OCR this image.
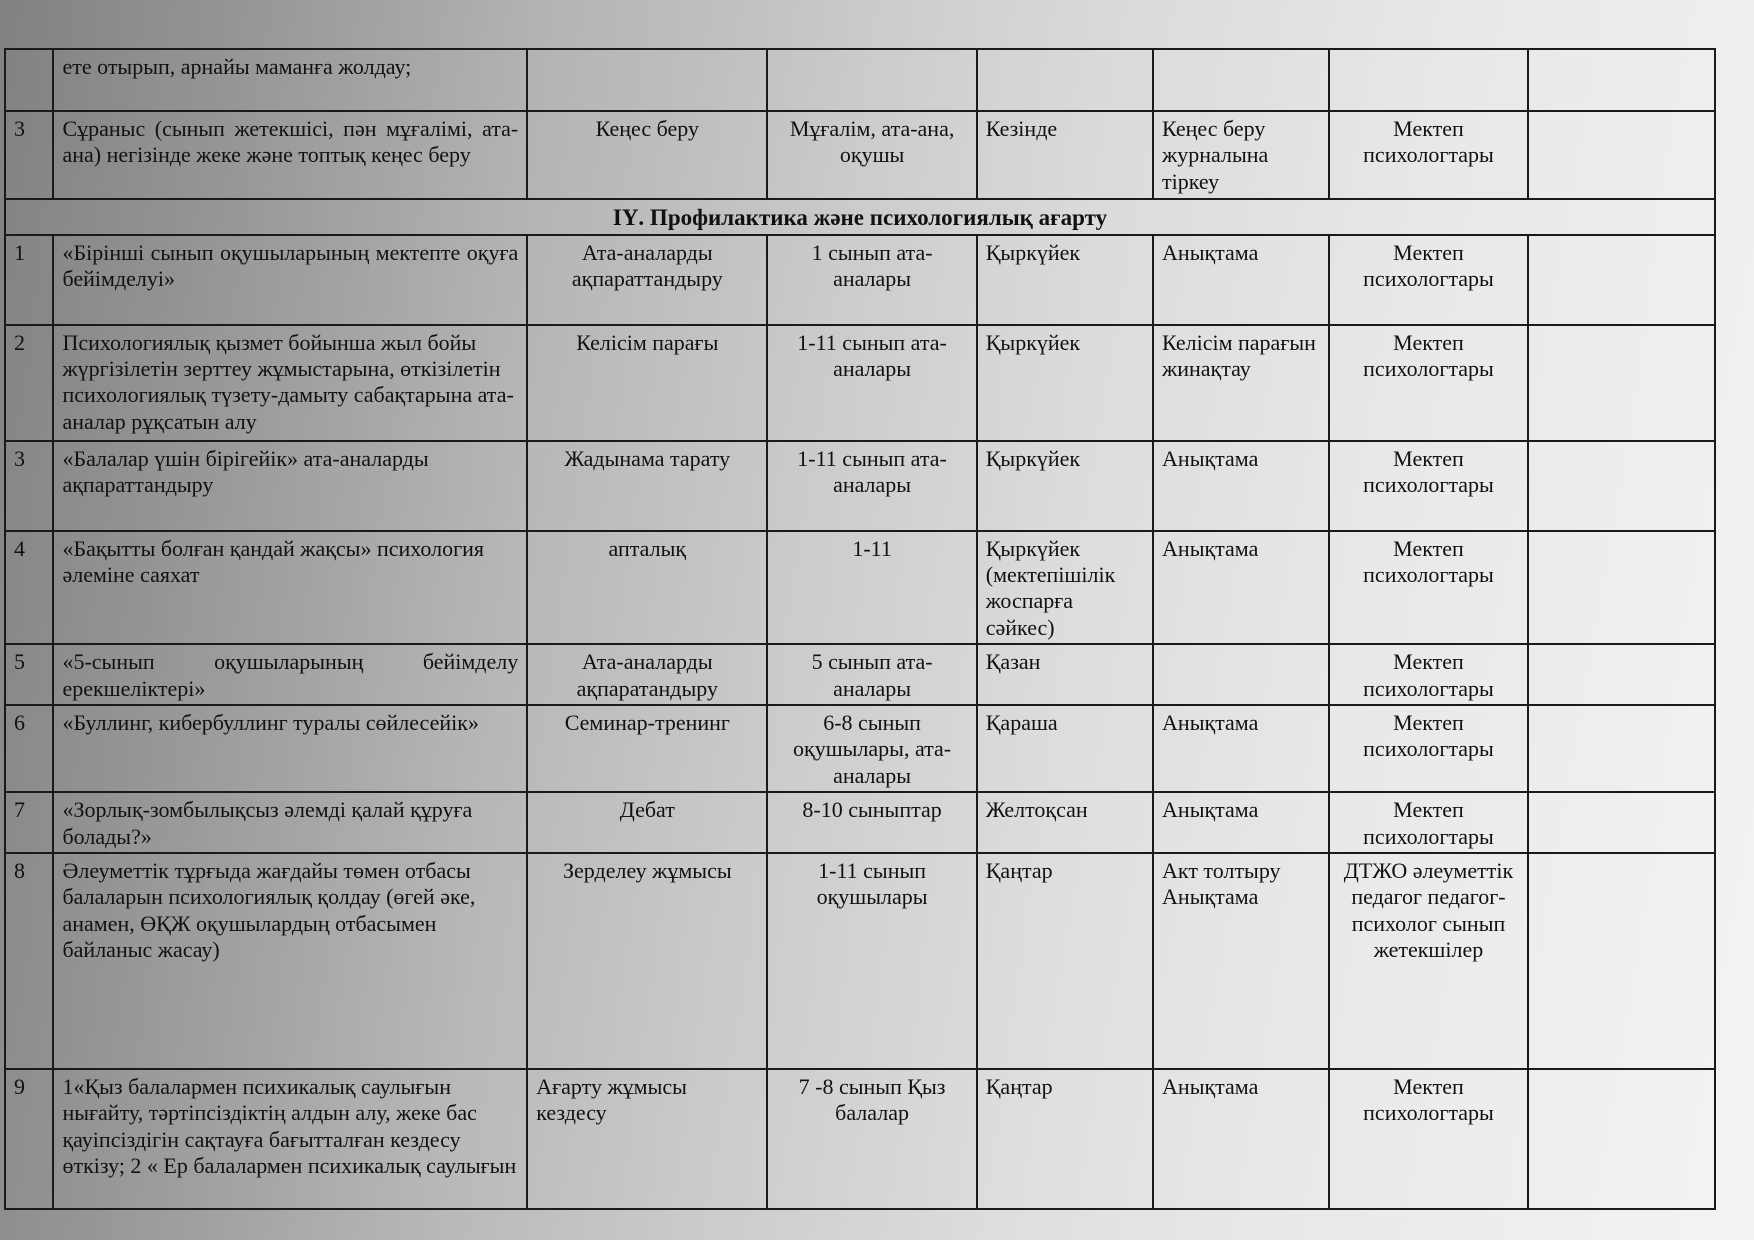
	ете отырып, арнайы маманға жолдау;						
3	Сұраныс (сынып жетекшісі, пән мұғалімі, ата-ана) негізінде жеке және топтық кеңес беру	Кеңес беру	Мұғалім, ата-ана, оқушы	Кезінде	Кеңес беру журналына тіркеу	Мектеп психологтары	
ІҮ. Профилактика және психологиялық ағарту							
1	«Бірінші сынып оқушыларының мектепте оқуға бейімделуі»	Ата-аналарды ақпараттандыру	1 сынып ата-аналары	Қыркүйек	Анықтама	Мектеп психологтары	
2	Психологиялық қызмет бойынша жыл бойы жүргізілетін зерттеу жұмыстарына, өткізілетін психологиялық түзету-дамыту сабақтарына ата-аналар рұқсатын алу	Келісім парағы	1-11 сынып ата-аналары	Қыркүйек	Келісім парағын жинақтау	Мектеп психологтары	
3	«Балалар үшін бірігейік» ата-аналарды ақпараттандыру	Жадынама тарату	1-11 сынып ата-аналары	Қыркүйек	Анықтама	Мектеп психологтары	
4	«Бақытты болған қандай жақсы» психология әлеміне саяхат	апталық	1-11	Қыркүйек (мектепішілік жоспарға сәйкес)	Анықтама	Мектеп психологтары	
5	«5-сынып оқушыларының бейімделу ерекшеліктері»	Ата-аналарды ақпаратандыру	5 сынып ата-аналары	Қазан		Мектеп психологтары	
6	«Буллинг, кибербуллинг туралы сөйлесейік»	Семинар-тренинг	6-8 сынып оқушылары, ата-аналары	Қараша	Анықтама	Мектеп психологтары	
7	«Зорлық-зомбылықсыз әлемді қалай құруға болады?»	Дебат	8-10 сыныптар	Желтоқсан	Анықтама	Мектеп психологтары	
8	Әлеуметтік тұрғыда жағдайы төмен отбасы балаларын психологиялық қолдау (өгей әке, анамен, ӨҚЖ оқушылардың отбасымен байланыс жасау)	Зерделеу жұмысы	1-11 сынып оқушылары	Қаңтар	Акт толтыру Анықтама	ДТЖО әлеуметтік педагог педагог-психолог сынып жетекшілер	
9	1«Қыз балалармен психикалық саулығын нығайту, тәртіпсіздіктің алдын алу, жеке бас қауіпсіздігін сақтауға бағытталған кездесу өткізу; 2 « Ер балалармен психикалық саулығын	Ағарту жұмысы кездесу	7 -8 сынып Қыз балалар	Қаңтар	Анықтама	Мектеп психологтары	
